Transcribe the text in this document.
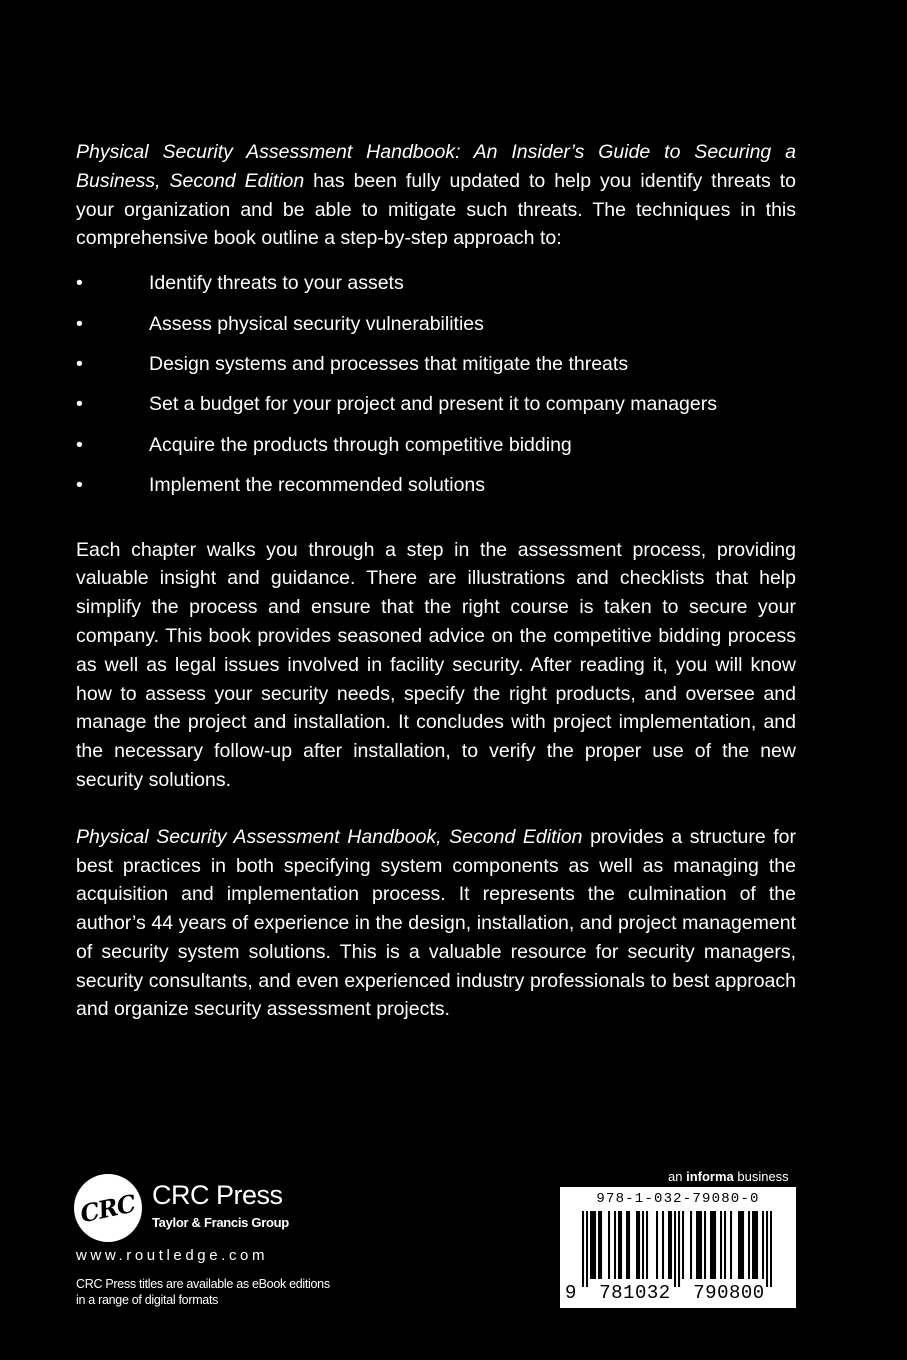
Physical Security Assessment Handbook: An Insider’s Guide to Securing a Business, Second Edition has been fully updated to help you identify threats to your organization and be able to mitigate such threats. The techniques in this comprehensive book outline a step-by-step approach to:

•	Identify threats to your assets
•	Assess physical security vulnerabilities
•	Design systems and processes that mitigate the threats
•	Set a budget for your project and present it to company managers
•	Acquire the products through competitive bidding
•	Implement the recommended solutions

Each chapter walks you through a step in the assessment process, providing valuable insight and guidance. There are illustrations and checklists that help simplify the process and ensure that the right course is taken to secure your company. This book provides seasoned advice on the competitive bidding process as well as legal issues involved in facility security. After reading it, you will know how to assess your security needs, specify the right products, and oversee and manage the project and installation. It concludes with project implementation, and the necessary follow-up after installation, to verify the proper use of the new security solutions.

Physical Security Assessment Handbook, Second Edition provides a structure for best practices in both specifying system components as well as managing the acquisition and implementation process. It represents the culmination of the author’s 44 years of experience in the design, installation, and project management of security system solutions. This is a valuable resource for security managers, security consultants, and even experienced industry professionals to best approach and organize security assessment projects.

CRC CRC Press
Taylor & Francis Group
www.routledge.com
CRC Press titles are available as eBook editions
in a range of digital formats
an informa business
978-1-032-79080-0
9	781032	790800
